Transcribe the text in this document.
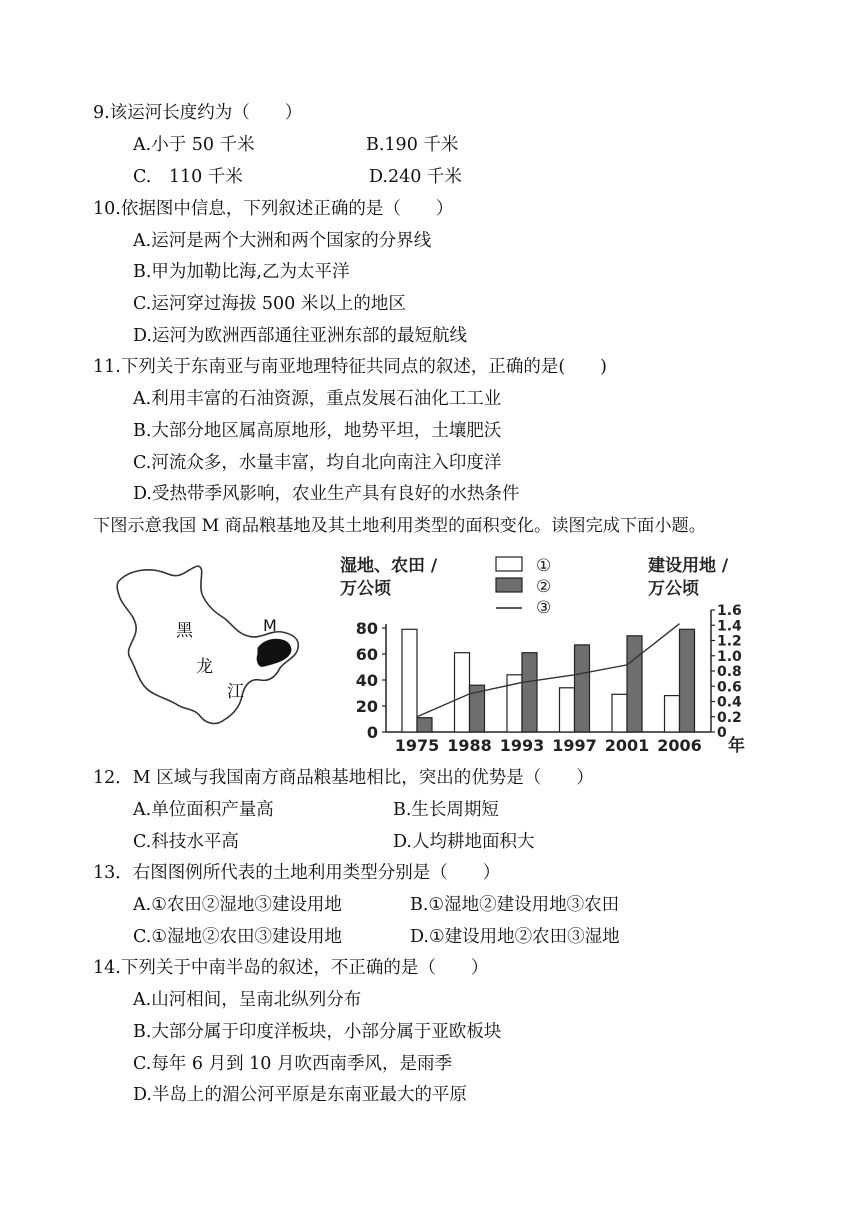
9.该运河长度约为（　　）
A.小于 50 千米	B.190 千米
C.　110 千米	D.240 千米
10.依据图中信息，下列叙述正确的是（　　）
A.运河是两个大洲和两个国家的分界线
B.甲为加勒比海,乙为太平洋
C.运河穿过海拔 500 米以上的地区
D.运河为欧洲西部通往亚洲东部的最短航线
11.下列关于东南亚与南亚地理特征共同点的叙述，正确的是(　　)
A.利用丰富的石油资源，重点发展石油化工工业
B.大部分地区属高原地形，地势平坦，土壤肥沃
C.河流众多，水量丰富，均自北向南注入印度洋
D.受热带季风影响，农业生产具有良好的水热条件
下图示意我国 M 商品粮基地及其土地利用类型的面积变化。读图完成下面小题。
黑
龙
江
M
湿地、农田 /
万公顷
建设用地 /
万公顷
①
②
③
0
20
40
60
80
0
0.2
0.4
0.6
0.8
1.0
1.2
1.4
1.6
1975 1988 1993 1997 2001 2006 年
12．M 区域与我国南方商品粮基地相比，突出的优势是（　　）
A.单位面积产量高	B.生长周期短
C.科技水平高	D.人均耕地面积大
13．右图图例所代表的土地利用类型分别是（　　）
A.①农田②湿地③建设用地	B.①湿地②建设用地③农田
C.①湿地②农田③建设用地	D.①建设用地②农田③湿地
14.下列关于中南半岛的叙述，不正确的是（　　）
A.山河相间，呈南北纵列分布
B.大部分属于印度洋板块，小部分属于亚欧板块
C.每年 6 月到 10 月吹西南季风，是雨季
D.半岛上的湄公河平原是东南亚最大的平原
